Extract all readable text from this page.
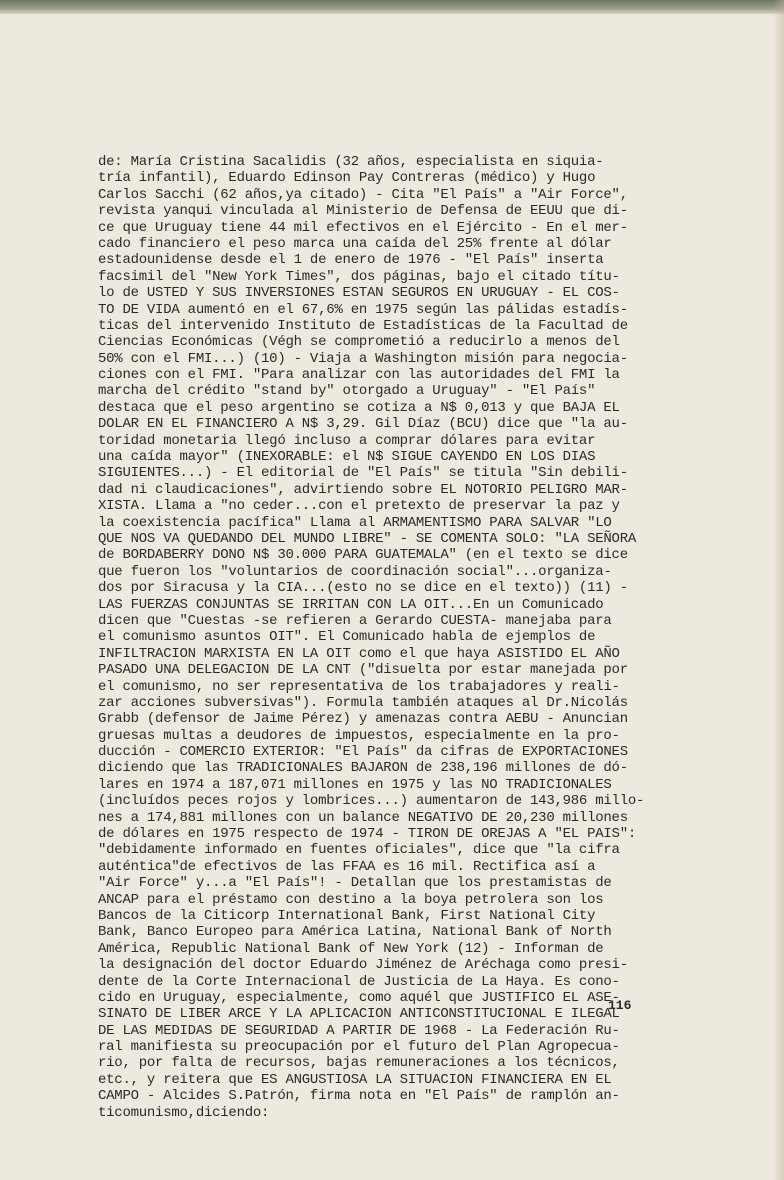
de: María Cristina Sacalidis (32 años, especialista en siquia-
tría infantil), Eduardo Edinson Pay Contreras (médico) y Hugo
Carlos Sacchi (62 años,ya citado) - Cita "El País" a "Air Force",
revista yanqui vinculada al Ministerio de Defensa de EEUU que di-
ce que Uruguay tiene 44 mil efectivos en el Ejército - En el mer-
cado financiero el peso marca una caída del 25% frente al dólar
estadounidense desde el 1 de enero de 1976 - "El País" inserta
facsimil del "New York Times", dos páginas, bajo el citado títu-
lo de USTED Y SUS INVERSIONES ESTAN SEGUROS EN URUGUAY - EL COS-
TO DE VIDA aumentó en el 67,6% en 1975 según las pálidas estadís-
ticas del intervenido Instituto de Estadísticas de la Facultad de
Ciencias Económicas (Végh se comprometió a reducirlo a menos del
50% con el FMI...) (10) - Viaja a Washington misión para negocia-
ciones con el FMI. "Para analizar con las autoridades del FMI la
marcha del crédito "stand by" otorgado a Uruguay" - "El País"
destaca que el peso argentino se cotiza a N$ 0,013 y que BAJA EL
DOLAR EN EL FINANCIERO A N$ 3,29. Gil Díaz (BCU) dice que "la au-
toridad monetaria llegó incluso a comprar dólares para evitar
una caída mayor" (INEXORABLE: el N$ SIGUE CAYENDO EN LOS DIAS
SIGUIENTES...) - El editorial de "El País" se titula "Sin debili-
dad ni claudicaciones", advirtiendo sobre EL NOTORIO PELIGRO MAR-
XISTA. Llama a "no ceder...con el pretexto de preservar la paz y
la coexistencia pacífica" Llama al ARMAMENTISMO PARA SALVAR "LO
QUE NOS VA QUEDANDO DEL MUNDO LIBRE" - SE COMENTA SOLO: "LA SEÑORA
de BORDABERRY DONO N$ 30.000 PARA GUATEMALA" (en el texto se dice
que fueron los "voluntarios de coordinación social"...organiza-
dos por Siracusa y la CIA...(esto no se dice en el texto)) (11) -
LAS FUERZAS CONJUNTAS SE IRRITAN CON LA OIT...En un Comunicado
dicen que "Cuestas -se refieren a Gerardo CUESTA- manejaba para
el comunismo asuntos OIT". El Comunicado habla de ejemplos de
INFILTRACION MARXISTA EN LA OIT como el que haya ASISTIDO EL AÑO
PASADO UNA DELEGACION DE LA CNT ("disuelta por estar manejada por
el comunismo, no ser representativa de los trabajadores y reali-
zar acciones subversivas"). Formula también ataques al Dr.Nicolás
Grabb (defensor de Jaime Pérez) y amenazas contra AEBU - Anuncian
gruesas multas a deudores de impuestos, especialmente en la pro-
ducción - COMERCIO EXTERIOR: "El País" da cifras de EXPORTACIONES
diciendo que las TRADICIONALES BAJARON de 238,196 millones de dó-
lares en 1974 a 187,071 millones en 1975 y las NO TRADICIONALES
(incluídos peces rojos y lombrices...) aumentaron de 143,986 millo-
nes a 174,881 millones con un balance NEGATIVO DE 20,230 millones
de dólares en 1975 respecto de 1974 - TIRON DE OREJAS A "EL PAIS":
"debidamente informado en fuentes oficiales", dice que "la cifra
auténtica"de efectivos de las FFAA es 16 mil. Rectifica así a
"Air Force" y...a "El País"! - Detallan que los prestamistas de
ANCAP para el préstamo con destino a la boya petrolera son los
Bancos de la Citicorp International Bank, First National City
Bank, Banco Europeo para América Latina, National Bank of North
América, Republic National Bank of New York (12) - Informan de
la designación del doctor Eduardo Jiménez de Aréchaga como presi-
dente de la Corte Internacional de Justicia de La Haya. Es cono-
cido en Uruguay, especialmente, como aquél que JUSTIFICO EL ASE-
SINATO DE LIBER ARCE Y LA APLICACION ANTICONSTITUCIONAL E ILEGAL
DE LAS MEDIDAS DE SEGURIDAD A PARTIR DE 1968 - La Federación Ru-
ral manifiesta su preocupación por el futuro del Plan Agropecua-
rio, por falta de recursos, bajas remuneraciones a los técnicos,
etc., y reitera que ES ANGUSTIOSA LA SITUACION FINANCIERA EN EL
CAMPO - Alcides S.Patrón, firma nota en "El País" de ramplón an-
ticomunismo,diciendo:
116
